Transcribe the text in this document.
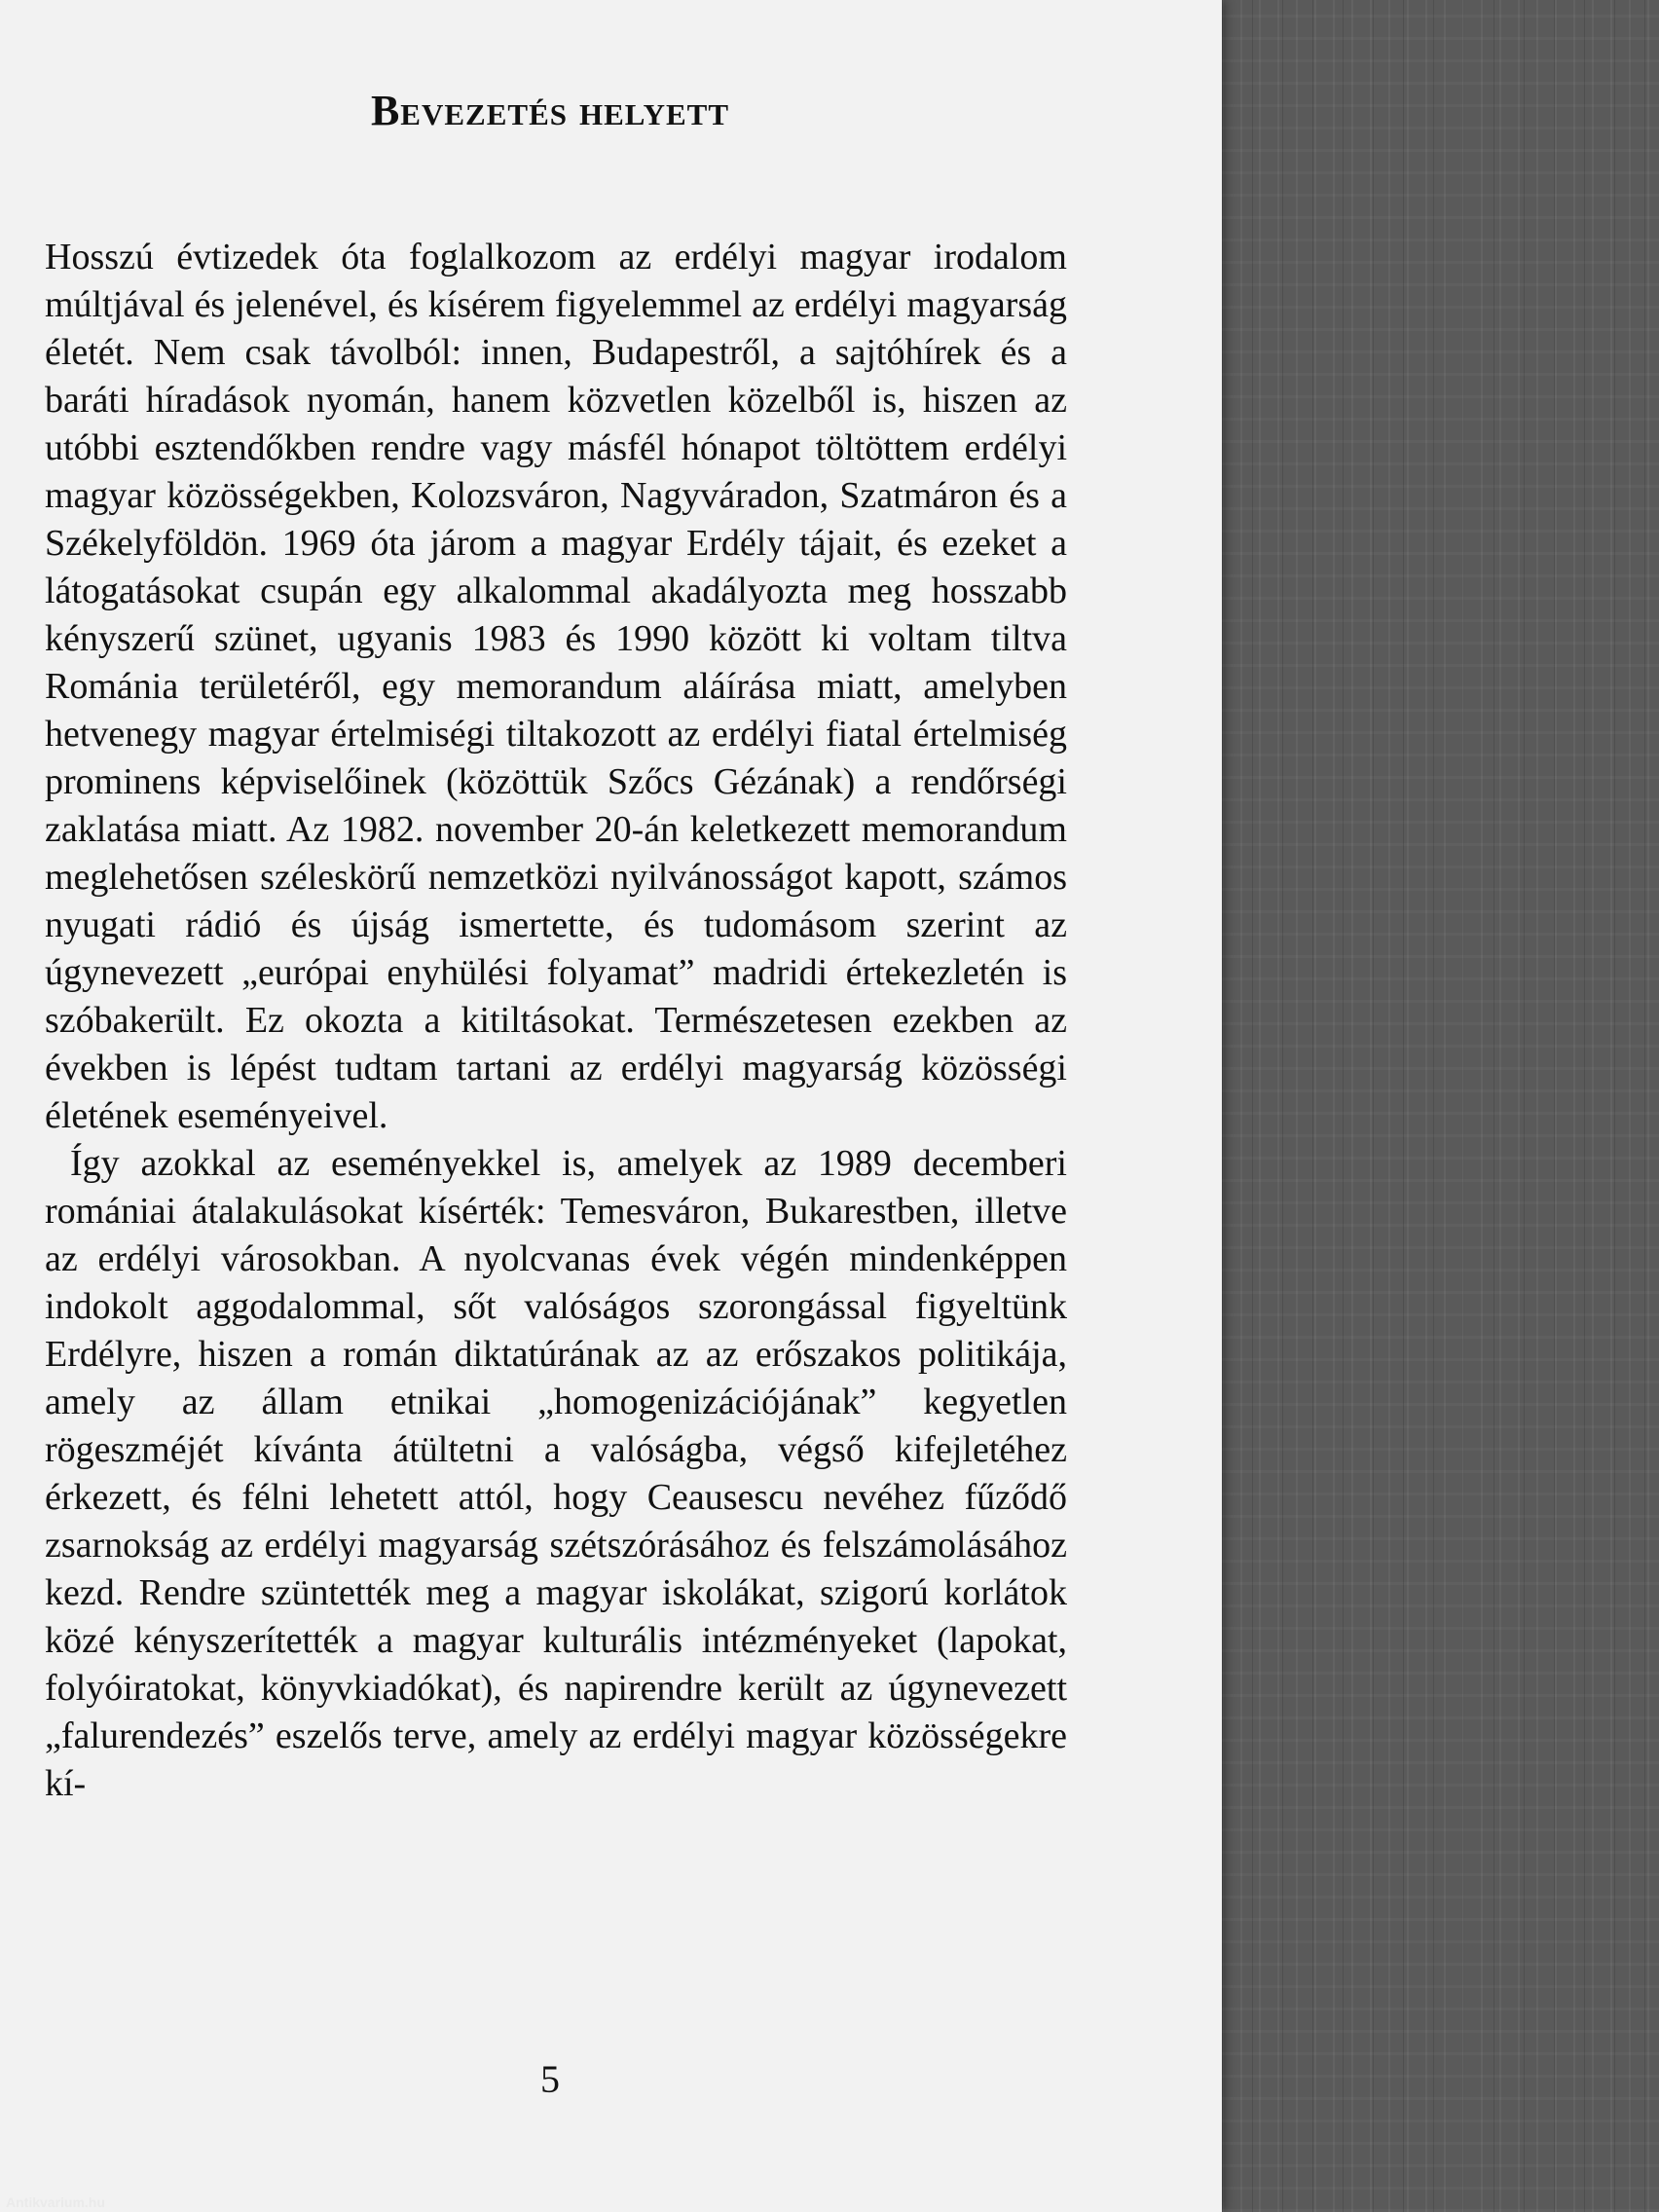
Bevezetés helyett

Hosszú évtizedek óta foglalkozom az erdélyi magyar irodalom múltjával és jelenével, és kísérem figyelemmel az erdélyi magyarság életét. Nem csak távolból: innen, Budapestről, a sajtóhírek és a baráti híradások nyomán, hanem közvetlen közelből is, hiszen az utóbbi esztendőkben rendre vagy másfél hónapot töltöttem erdélyi magyar közösségekben, Kolozsváron, Nagyváradon, Szatmáron és a Székelyföldön. 1969 óta járom a magyar Erdély tájait, és ezeket a látogatásokat csupán egy alkalommal akadályozta meg hosszabb kényszerű szünet, ugyanis 1983 és 1990 között ki voltam tiltva Románia területéről, egy memorandum aláírása miatt, amelyben hetvenegy magyar értelmiségi tiltakozott az erdélyi fiatal értelmiség prominens képviselőinek (közöttük Szőcs Gézának) a rendőrségi zaklatása miatt. Az 1982. november 20-án keletkezett memorandum meglehetősen széleskörű nemzetközi nyilvánosságot kapott, számos nyugati rádió és újság ismertette, és tudomásom szerint az úgynevezett „európai enyhülési folyamat” madridi értekezletén is szóbakerült. Ez okozta a kitiltásokat. Természetesen ezekben az években is lépést tudtam tartani az erdélyi magyarság közösségi életének eseményeivel.

Így azokkal az eseményekkel is, amelyek az 1989 decemberi romániai átalakulásokat kísérték: Temesváron, Bukarestben, illetve az erdélyi városokban. A nyolcvanas évek végén mindenképpen indokolt aggodalommal, sőt valóságos szorongással figyeltünk Erdélyre, hiszen a román diktatúrának az az erőszakos politikája, amely az állam etnikai „homogenizációjának” kegyetlen rögeszméjét kívánta átültetni a valóságba, végső kifejletéhez érkezett, és félni lehetett attól, hogy Ceausescu nevéhez fűződő zsarnokság az erdélyi magyarság szétszórásához és felszámolásához kezd. Rendre szüntették meg a magyar iskolákat, szigorú korlátok közé kényszerítették a magyar kulturális intézményeket (lapokat, folyóiratokat, könyvkiadókat), és napirendre került az úgynevezett „falurendezés” eszelős terve, amely az erdélyi magyar közösségekre kí-

5
Antikvarium.hu
